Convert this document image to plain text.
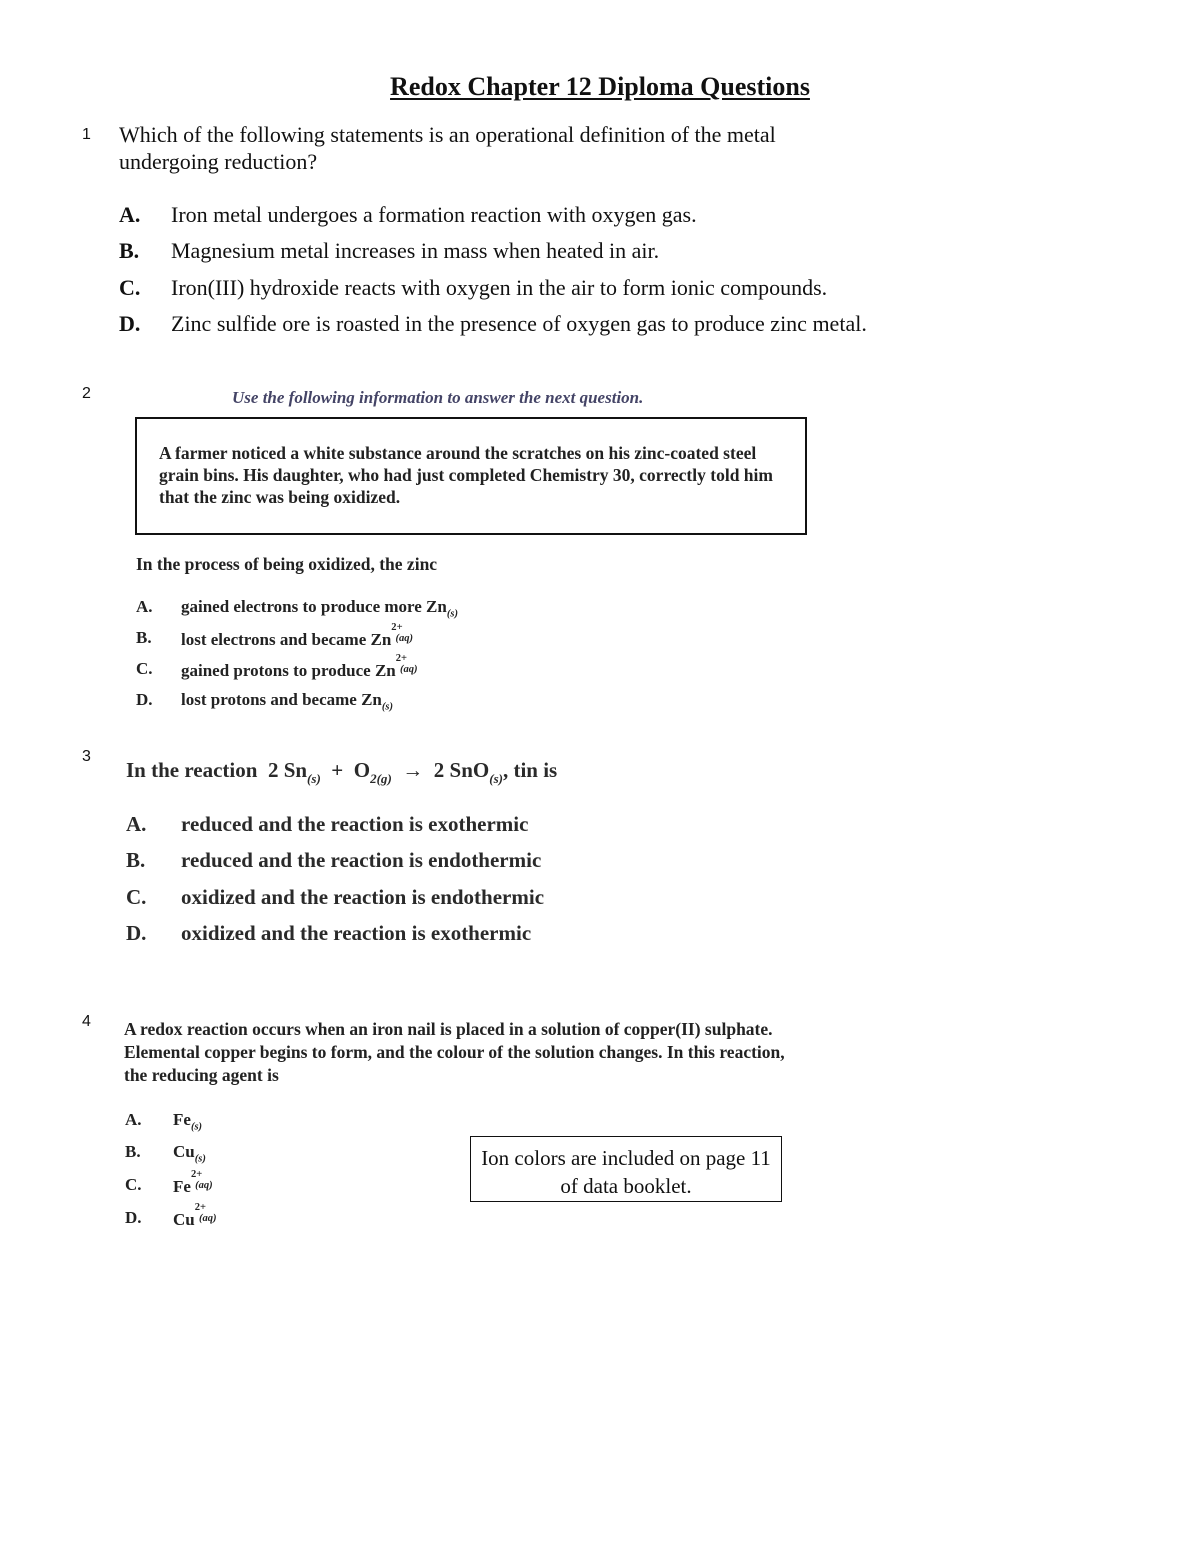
Redox Chapter 12 Diploma Questions
1 Which of the following statements is an operational definition of the metal undergoing reduction?
A. Iron metal undergoes a formation reaction with oxygen gas.
B. Magnesium metal increases in mass when heated in air.
C. Iron(III) hydroxide reacts with oxygen in the air to form ionic compounds.
D. Zinc sulfide ore is roasted in the presence of oxygen gas to produce zinc metal.
2	Use the following information to answer the next question.
A farmer noticed a white substance around the scratches on his zinc-coated steel grain bins. His daughter, who had just completed Chemistry 30, correctly told him that the zinc was being oxidized.
In the process of being oxidized, the zinc
A. gained electrons to produce more $Zn_{(s)}$
B. lost electrons and became Zn
2+
(aq)
C. gained protons to produce Zn
2+
(aq)
D. lost protons and became $Zn_{(s)}$
3
In the reaction 2 $Sn_{(s)} + O_{2(g)} \to 2$ SnO$_{(s)}$, tin is
A. reduced and the reaction is exothermic
B. reduced and the reaction is endothermic
C. oxidized and the reaction is endothermic
D. oxidized and the reaction is exothermic
4 A redox reaction occurs when an iron nail is placed in a solution of copper(II) sulphate. Elemental copper begins to form, and the colour of the solution changes. In this reaction, the reducing agent is
A. $Fe_{(s)}$
B. $Cu_{(s)}$
C. Fe
2+
(aq)
D. Cu
2+
(aq)
Ion colors are included on page 11 of data booklet.
